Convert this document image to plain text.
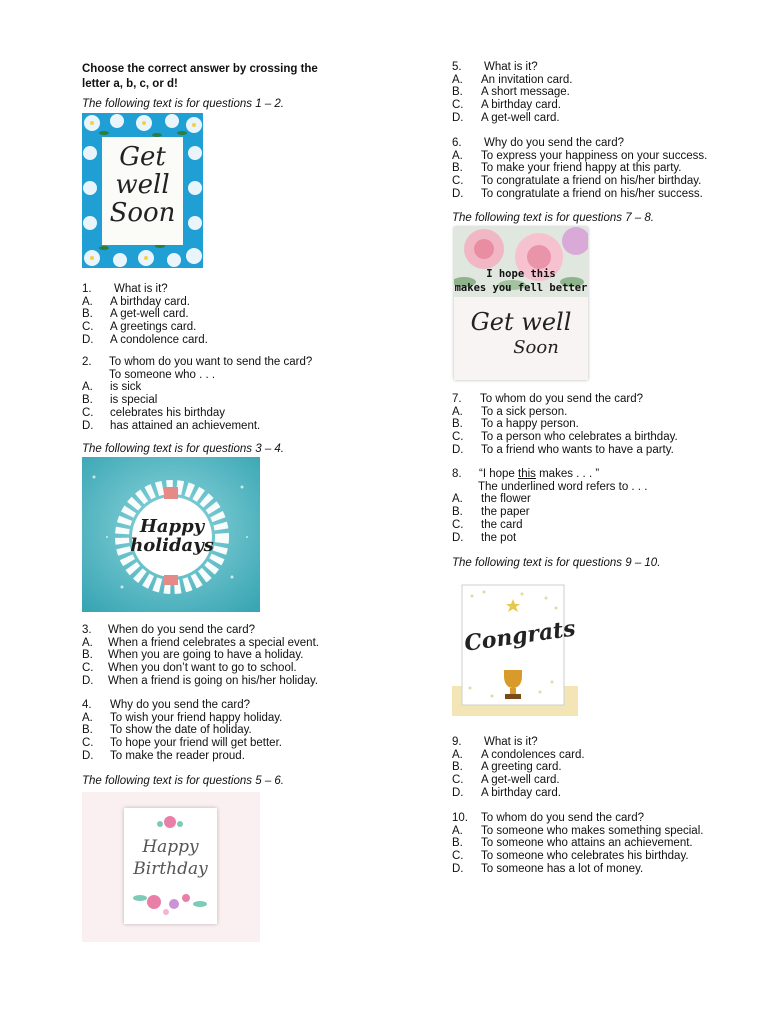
Choose the correct answer by crossing the
letter a, b, c, or d!
The following text is for questions 1 – 2.
Get
well
Soon
1.	What is it?
A.	A birthday card.
B.	A get-well card.
C.	A greetings card.
D.	A condolence card.
2.	To whom do you want to send the card?
To someone who . . .
A.	is sick
B.	is special
C.	celebrates his birthday
D.	has attained an achievement.
The following text is for questions 3 – 4.
Happy
holidays
3.	When do you send the card?
A.	When a friend celebrates a special event.
B.	When you are going to have a holiday.
C.	When you don’t want to go to school.
D.	When a friend is going on his/her holiday.
4.	Why do you send the card?
A.	To wish your friend happy holiday.
B.	To show the date of holiday.
C.	To hope your friend will get better.
D.	To make the reader proud.
The following text is for questions 5 – 6.
Happy
Birthday
5.	What is it?
A.	An invitation card.
B.	A short message.
C.	A birthday card.
D.	A get-well card.
6.	Why do you send the card?
A.	To express your happiness on your success.
B.	To make your friend happy at this party.
C.	To congratulate a friend on his/her birthday.
D.	To congratulate a friend on his/her success.
The following text is for questions 7 – 8.
I hope this
makes you fell better
Get well
Soon
7.	To whom do you send the card?
A.	To a sick person.
B.	To a happy person.
C.	To a person who celebrates a birthday.
D.	To a friend who wants to have a party.
8.	“I hope this makes . . . ”
The underlined word refers to . . .
A.	the flower
B.	the paper
C.	the card
D.	the pot
The following text is for questions 9 – 10.
Congrats
9.	What is it?
A.	A condolences card.
B.	A greeting card.
C.	A get-well card.
D.	A birthday card.
10.	To whom do you send the card?
A.	To someone who makes something special.
B.	To someone who attains an achievement.
C.	To someone who celebrates his birthday.
D.	To someone has a lot of money.
